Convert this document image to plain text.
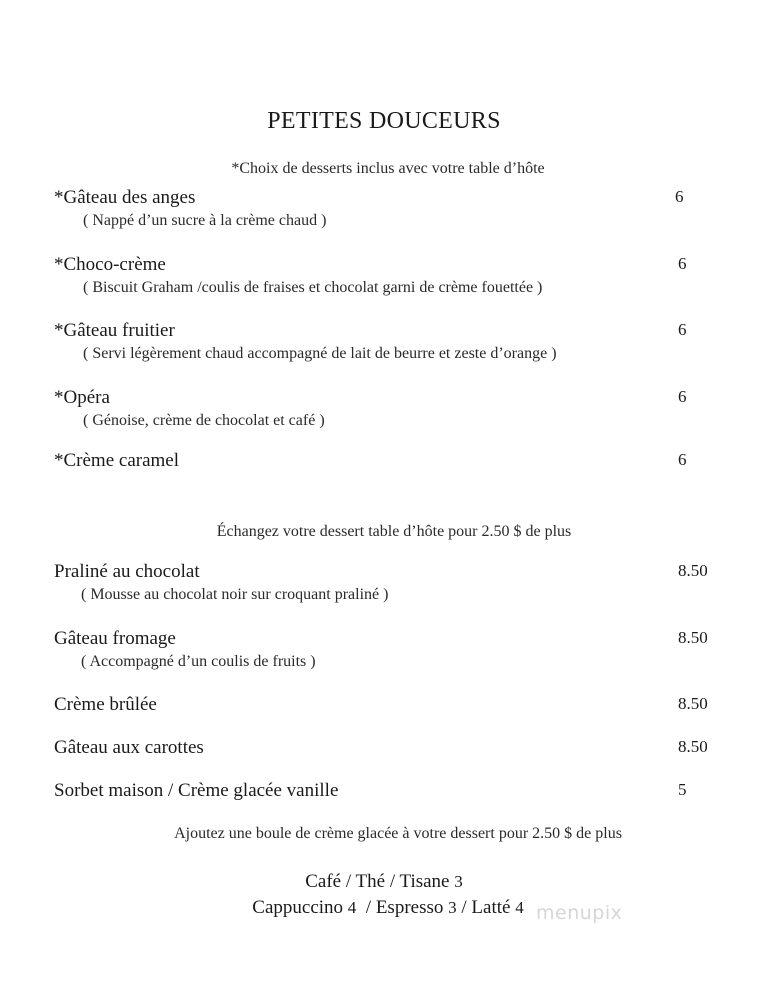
PETITES DOUCEURS
*Choix de desserts inclus avec votre table d’hôte
*Gâteau des anges	6
( Nappé d’un sucre à la crème chaud )
*Choco-crème	6
( Biscuit Graham /coulis de fraises et chocolat garni de crème fouettée )
*Gâteau fruitier	6
( Servi légèrement chaud accompagné de lait de beurre et zeste d’orange )
*Opéra	6
( Génoise, crème de chocolat et café )
*Crème caramel	6
Échangez votre dessert table d’hôte pour 2.50 $ de plus
Praliné au chocolat	8.50
( Mousse au chocolat noir sur croquant praliné )
Gâteau fromage	8.50
( Accompagné d’un coulis de fruits )
Crème brûlée	8.50
Gâteau aux carottes	8.50
Sorbet maison / Crème glacée vanille	5
Ajoutez une boule de crème glacée à votre dessert pour 2.50 $ de plus
Café / Thé / Tisane 3
Cappuccino 4  / Espresso 3 / Latté 4 menupix
